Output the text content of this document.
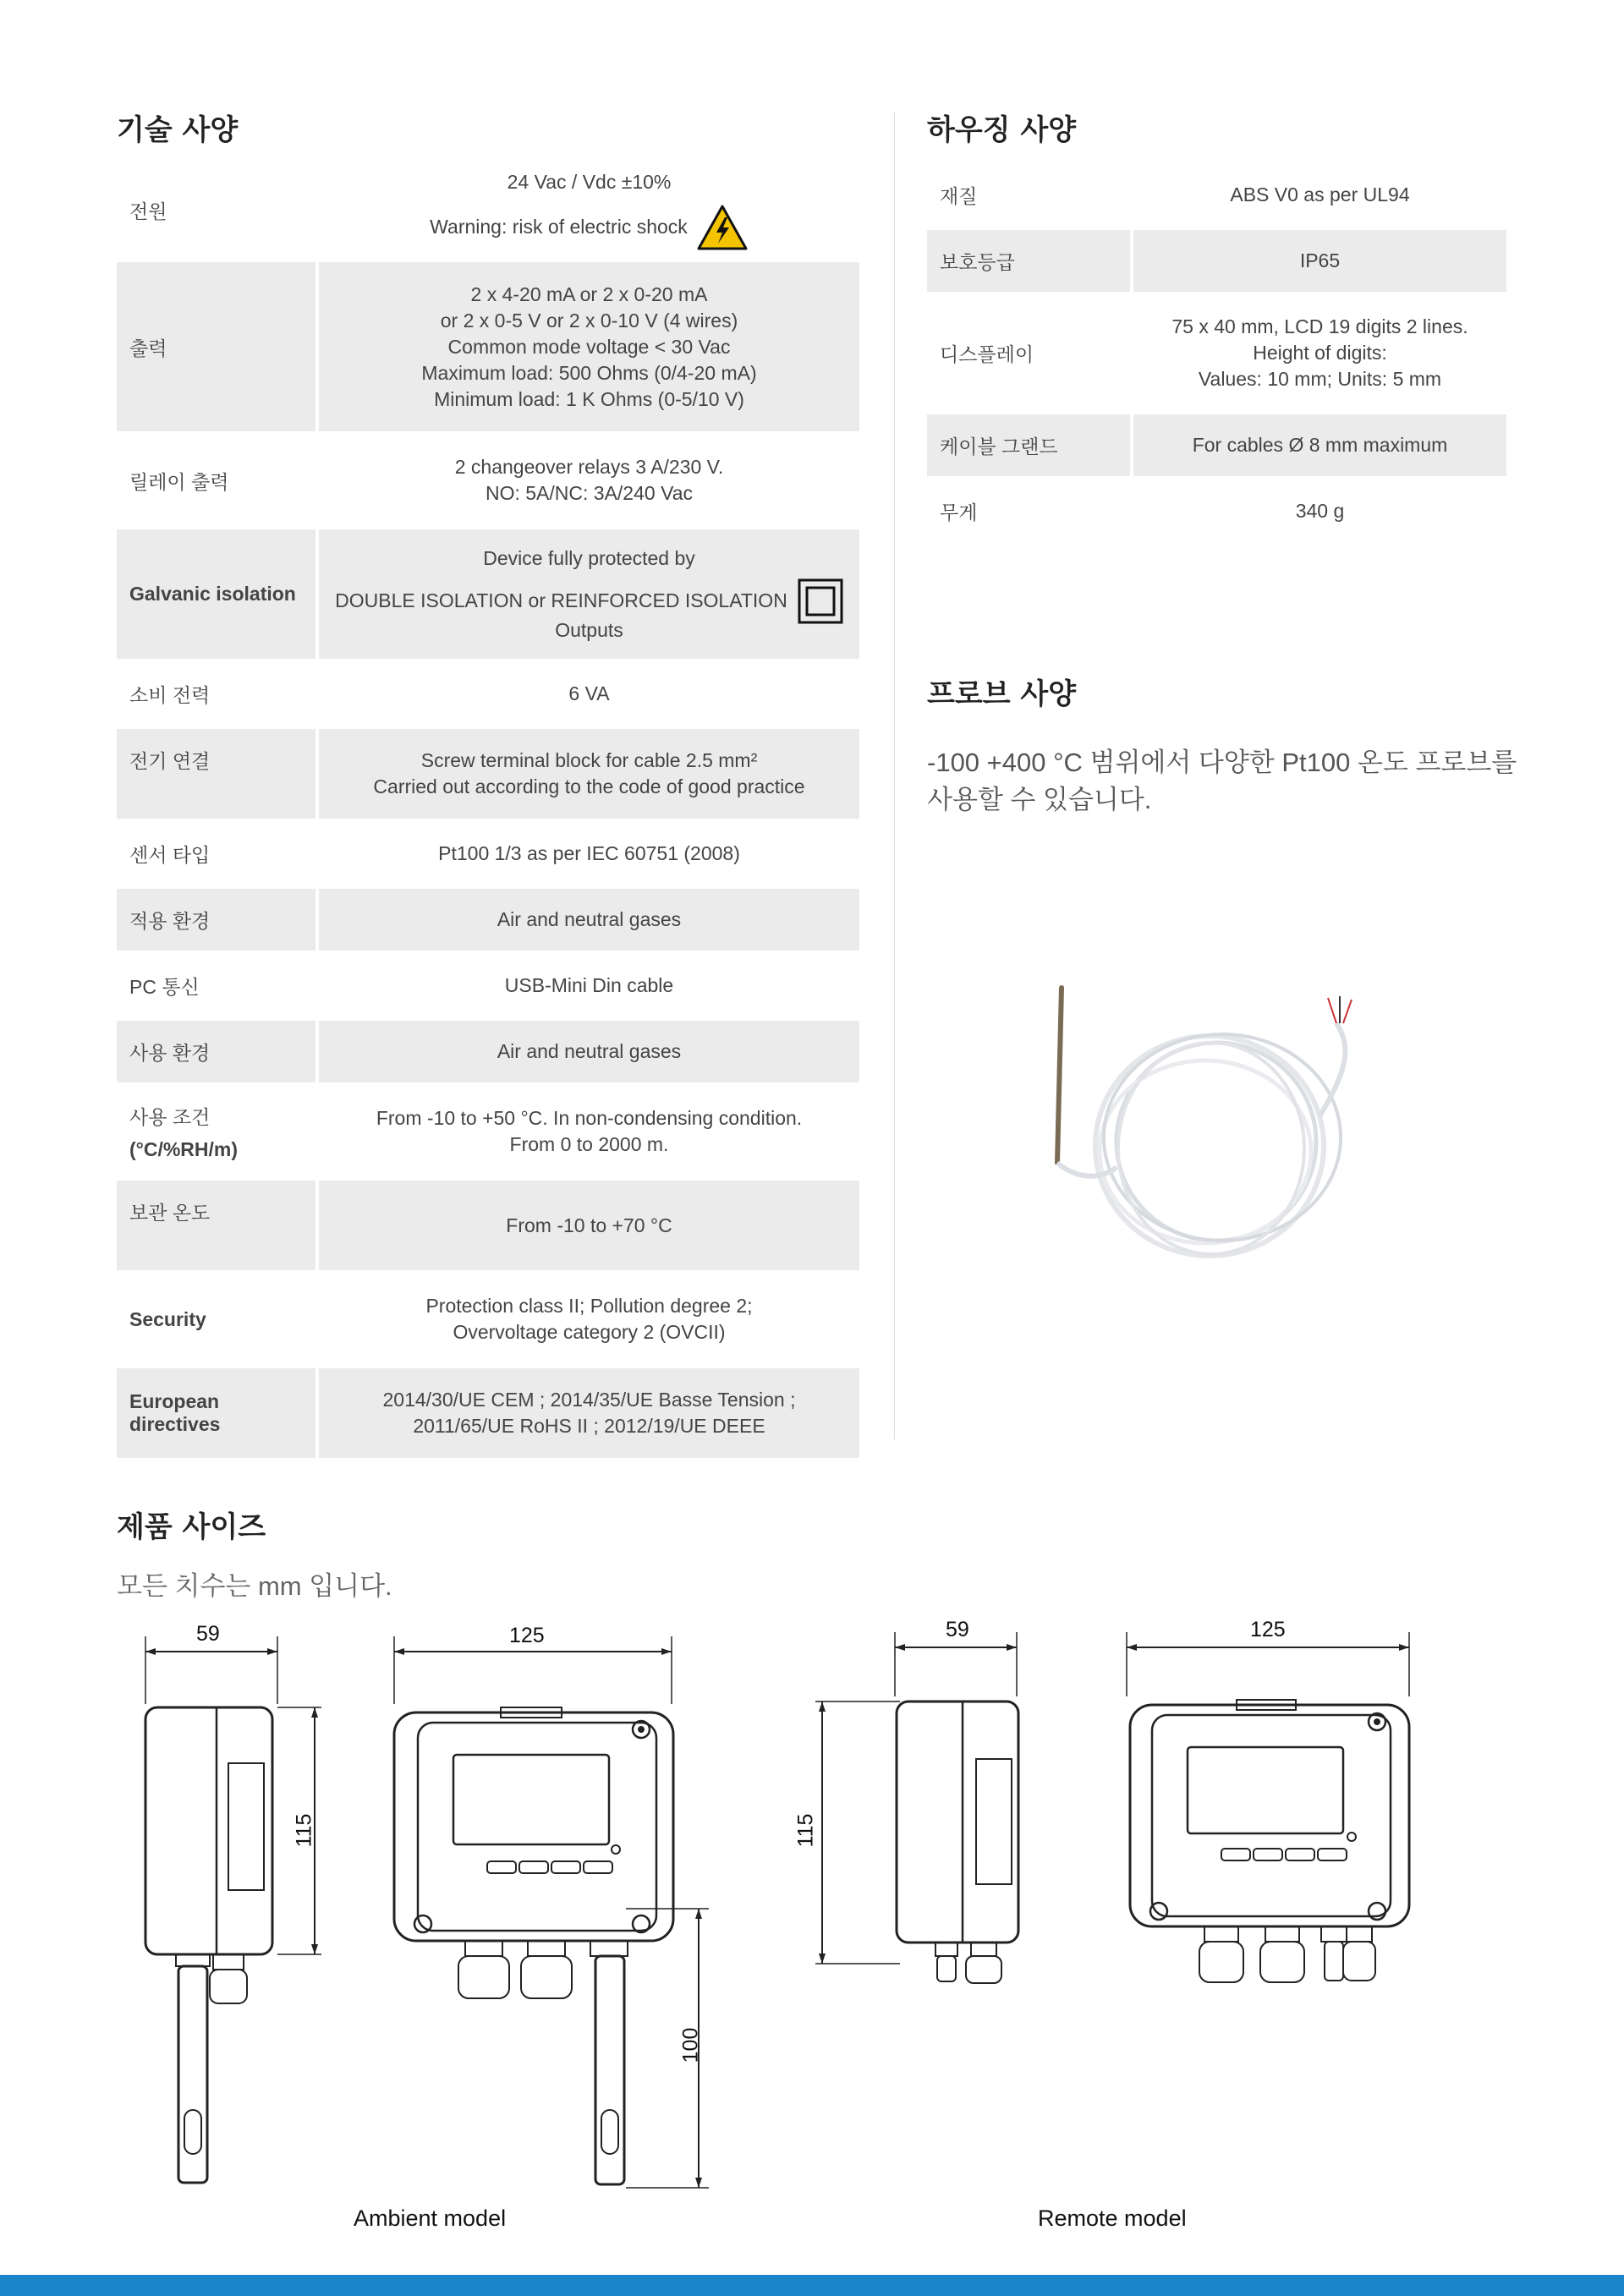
기술 사양
전원	24 Vac / Vdc ±10%
Warning: risk of electric shock

출력	2 x 4-20 mA or 2 x 0-20 mA
or 2 x 0-5 V or 2 x 0-10 V (4 wires)
Common mode voltage < 30 Vac
Maximum load: 500 Ohms (0/4-20 mA)
Minimum load: 1 K Ohms (0-5/10 V)

릴레이 출력	2 changeover relays 3 A/230 V.
NO: 5A/NC: 3A/240 Vac

Galvanic isolation	Device fully protected by
DOUBLE ISOLATION or REINFORCED ISOLATION
Outputs

소비 전력	6 VA
전기 연결	Screw terminal block for cable 2.5 mm²
Carried out according to the code of good practice

센서 타입	Pt100 1/3 as per IEC 60751 (2008)
적용 환경	Air and neutral gases
PC 통신	USB-Mini Din cable
사용 환경	Air and neutral gases

사용 조건
(°C/%RH/m)	From -10 to +50 °C. In non-condensing condition.
From 0 to 2000 m.

보관 온도	From -10 to +70 °C
Security	Protection class II; Pollution degree 2;
Overvoltage category 2 (OVCII)

European directives	2014/30/UE CEM ; 2014/35/UE Basse Tension ;
2011/65/UE RoHS II ; 2012/19/UE DEEE
하우징 사양
재질	ABS V0 as per UL94
보호등급	IP65
디스플레이	75 x 40 mm, LCD 19 digits 2 lines.
Height of digits:
Values: 10 mm; Units: 5 mm

케이블 그랜드	For cables Ø 8 mm maximum
무게	340 g
프로브 사양

-100 +400 °C 범위에서 다양한 Pt100 온도 프로브를 사용할 수 있습니다.

제품 사이즈

모든 치수는 mm 입니다.

59
115
125
100
Ambient model
59
115
125
Remote model
